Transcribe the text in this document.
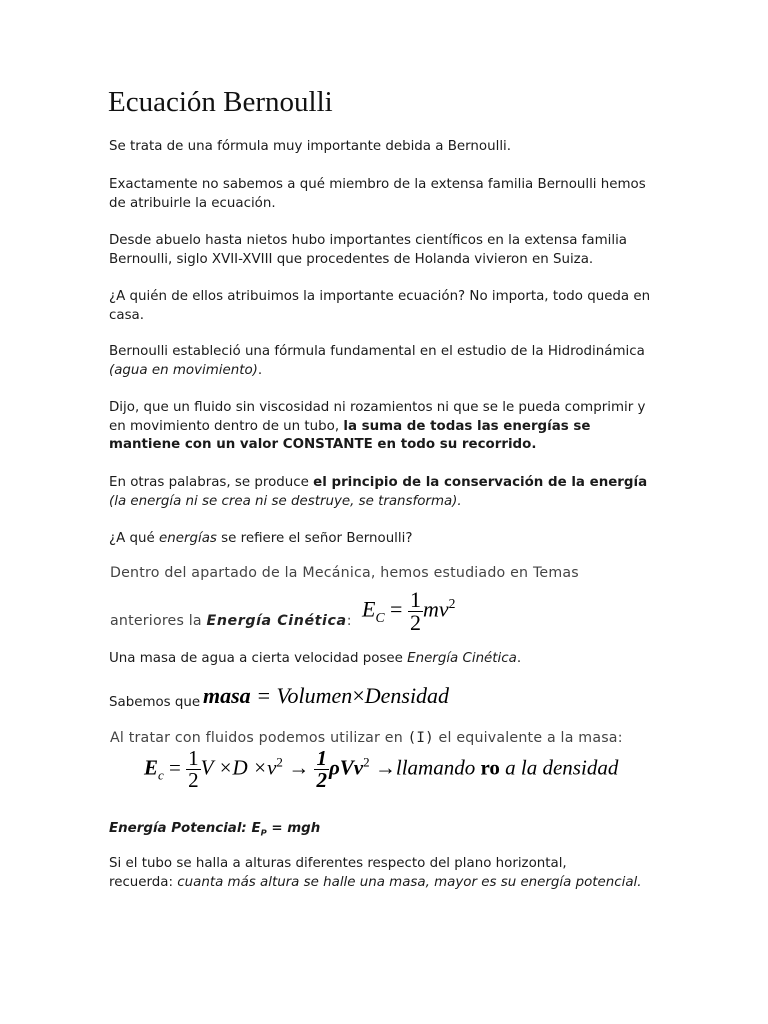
Ecuación Bernoulli

Se trata de una fórmula muy importante debida a Bernoulli.

Exactamente no sabemos a qué miembro de la extensa familia Bernoulli hemos de atribuirle la ecuación.

Desde abuelo hasta nietos hubo importantes científicos en la extensa familia Bernoulli, siglo XVII-XVIII que procedentes de Holanda vivieron en Suiza.

¿A quién de ellos atribuimos la importante ecuación? No importa, todo queda en casa.

Bernoulli estableció una fórmula fundamental en el estudio de la Hidrodinámica (agua en movimiento).

Dijo, que un fluido sin viscosidad ni rozamientos ni que se le pueda comprimir y en movimiento dentro de un tubo, la suma de todas las energías se mantiene con un valor CONSTANTE en todo su recorrido.

En otras palabras, se produce el principio de la conservación de la energía (la energía ni se crea ni se destruye, se transforma).

¿A qué energías se refiere el señor Bernoulli?

Dentro del apartado de la Mecánica, hemos estudiado en Temas
anteriores la Energía Cinética: $E_C = \frac{1}{2} mv^2$

Una masa de agua a cierta velocidad posee Energía Cinética.

Sabemos que masa = Volumen×Densidad
Al tratar con fluidos podemos utilizar en (I) el equivalente a la masa:
$E_c = \frac{1}{2}$ $V \times D \times v^2 \to \frac{1}{2} \rho Vv^2$ →llamando ro a la densidad

Energía Potencial: $E_P$ = mgh

Si el tubo se halla a alturas diferentes respecto del plano horizontal,
recuerda: cuanta más altura se halle una masa, mayor es su energía potencial.
